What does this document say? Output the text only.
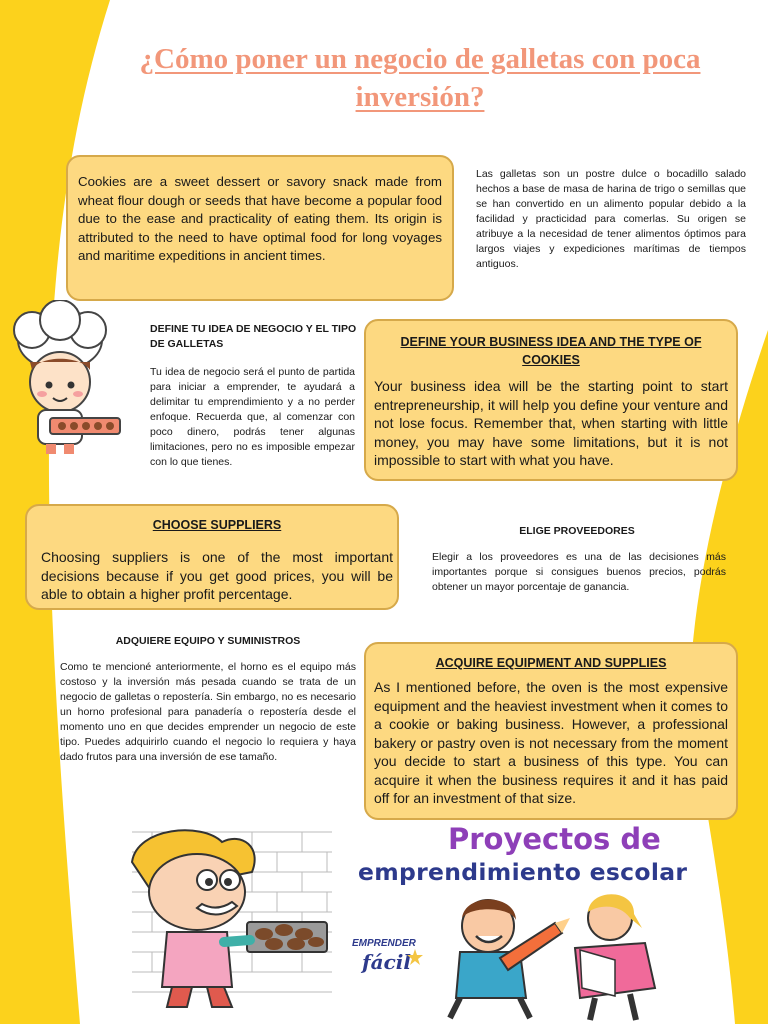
¿Cómo poner un negocio de galletas con poca inversión?
Cookies are a sweet dessert or savory snack made from wheat flour dough or seeds that have become a popular food due to the ease and practicality of eating them. Its origin is attributed to the need to have optimal food for long voyages and maritime expeditions in ancient times.
Las galletas son un postre dulce o bocadillo salado hechos a base de masa de harina de trigo o semillas que se han convertido en un alimento popular debido a la facilidad y practicidad para comerlas. Su origen se atribuye a la necesidad de tener alimentos óptimos para largos viajes y expediciones marítimas de tiempos antiguos.
DEFINE TU IDEA DE NEGOCIO Y EL TIPO DE GALLETAS
Tu idea de negocio será el punto de partida para iniciar a emprender, te ayudará a delimitar tu emprendimiento y a no perder enfoque. Recuerda que, al comenzar con poco dinero, podrás tener algunas limitaciones, pero no es imposible empezar con lo que tienes.
DEFINE YOUR BUSINESS IDEA AND THE TYPE OF COOKIES
Your business idea will be the starting point to start entrepreneurship, it will help you define your venture and not lose focus. Remember that, when starting with little money, you may have some limitations, but it is not impossible to start with what you have.
CHOOSE SUPPLIERS
Choosing suppliers is one of the most important decisions because if you get good prices, you will be able to obtain a higher profit percentage.
ELIGE PROVEEDORES
Elegir a los proveedores es una de las decisiones más importantes porque si consigues buenos precios, podrás obtener un mayor porcentaje de ganancia.
ADQUIERE EQUIPO Y SUMINISTROS
Como te mencioné anteriormente, el horno es el equipo más costoso y la inversión más pesada cuando se trata de un negocio de galletas o repostería. Sin embargo, no es necesario un horno profesional para panadería o repostería desde el momento uno en que decides emprender un negocio de este tipo. Puedes adquirirlo cuando el negocio lo requiera y haya dado frutos para una inversión de ese tamaño.
ACQUIRE EQUIPMENT AND SUPPLIES
As I mentioned before, the oven is the most expensive equipment and the heaviest investment when it comes to a cookie or baking business. However, a professional bakery or pastry oven is not necessary from the moment you decide to start a business of this type. You can acquire it when the business requires it and it has paid off for an investment of that size.
Proyectos de
emprendimiento escolar
EMPRENDER
fácil
